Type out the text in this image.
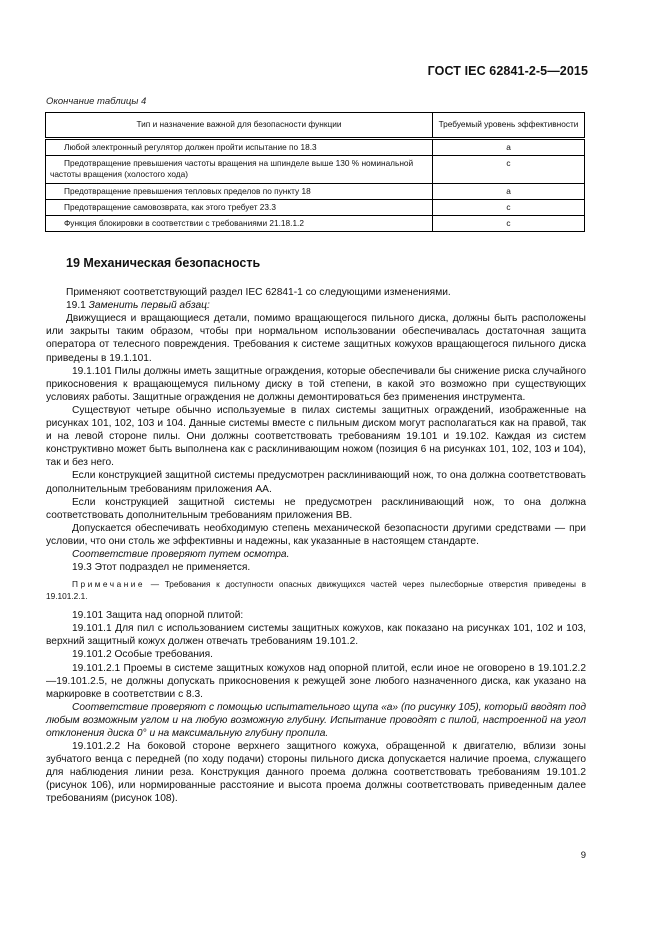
ГОСТ IEC 62841-2-5—2015
Окончание таблицы 4
Тип и назначение важной для безопасности функции	Требуемый уровень эффективности
Любой электронный регулятор должен пройти испытание по 18.3	a
Предотвращение превышения частоты вращения на шпинделе выше 130 % номинальной частоты вращения (холостого хода)	c
Предотвращение превышения тепловых пределов по пункту 18	a
Предотвращение самовозврата, как этого требует 23.3	c
Функция блокировки в соответствии с требованиями 21.18.1.2	c
19 Механическая безопасность

Применяют соответствующий раздел IEC 62841-1 со следующими изменениями.

19.1 Заменить первый абзац:

Движущиеся и вращающиеся детали, помимо вращающегося пильного диска, должны быть расположены или закрыты таким образом, чтобы при нормальном использовании обеспечивалась достаточная защита оператора от телесного повреждения. Требования к системе защитных кожухов вращающегося пильного диска приведены в 19.1.101.

19.1.101 Пилы должны иметь защитные ограждения, которые обеспечивали бы снижение риска случайного прикосновения к вращающемуся пильному диску в той степени, в какой это возможно при существующих условиях работы. Защитные ограждения не должны демонтироваться без применения инструмента.

Существуют четыре обычно используемые в пилах системы защитных ограждений, изображенные на рисунках 101, 102, 103 и 104. Данные системы вместе с пильным диском могут располагаться как на правой, так и на левой стороне пилы. Они должны соответствовать требованиям 19.101 и 19.102. Каждая из систем конструктивно может быть выполнена как с расклинивающим ножом (позиция 6 на рисунках 101, 102, 103 и 104), так и без него.

Если конструкцией защитной системы предусмотрен расклинивающий нож, то она должна соответствовать дополнительным требованиям приложения АА.

Если конструкцией защитной системы не предусмотрен расклинивающий нож, то она должна соответствовать дополнительным требованиям приложения ВВ.

Допускается обеспечивать необходимую степень механической безопасности другими средствами — при условии, что они столь же эффективны и надежны, как указанные в настоящем стандарте.

Соответствие проверяют путем осмотра.

19.3 Этот подраздел не применяется.

Примечание — Требования к доступности опасных движущихся частей через пылесборные отверстия приведены в 19.101.2.1.

19.101 Защита над опорной плитой:

19.101.1 Для пил с использованием системы защитных кожухов, как показано на рисунках 101, 102 и 103, верхний защитный кожух должен отвечать требованиям 19.101.2.

19.101.2 Особые требования.

19.101.2.1 Проемы в системе защитных кожухов над опорной плитой, если иное не оговорено в 19.101.2.2—19.101.2.5, не должны допускать прикосновения к режущей зоне любого назначенного диска, как указано на маркировке в соответствии с 8.3.

Соответствие проверяют с помощью испытательного щупа «а» (по рисунку 105), который вводят под любым возможным углом и на любую возможную глубину. Испытание проводят с пилой, настроенной на угол отклонения диска 0° и на максимальную глубину пропила.

19.101.2.2 На боковой стороне верхнего защитного кожуха, обращенной к двигателю, вблизи зоны зубчатого венца с передней (по ходу подачи) стороны пильного диска допускается наличие проема, служащего для наблюдения линии реза. Конструкция данного проема должна соответствовать требованиям 19.101.2 (рисунок 106), или нормированные расстояние и высота проема должны соответствовать приведенным далее требованиям (рисунок 108).

9
